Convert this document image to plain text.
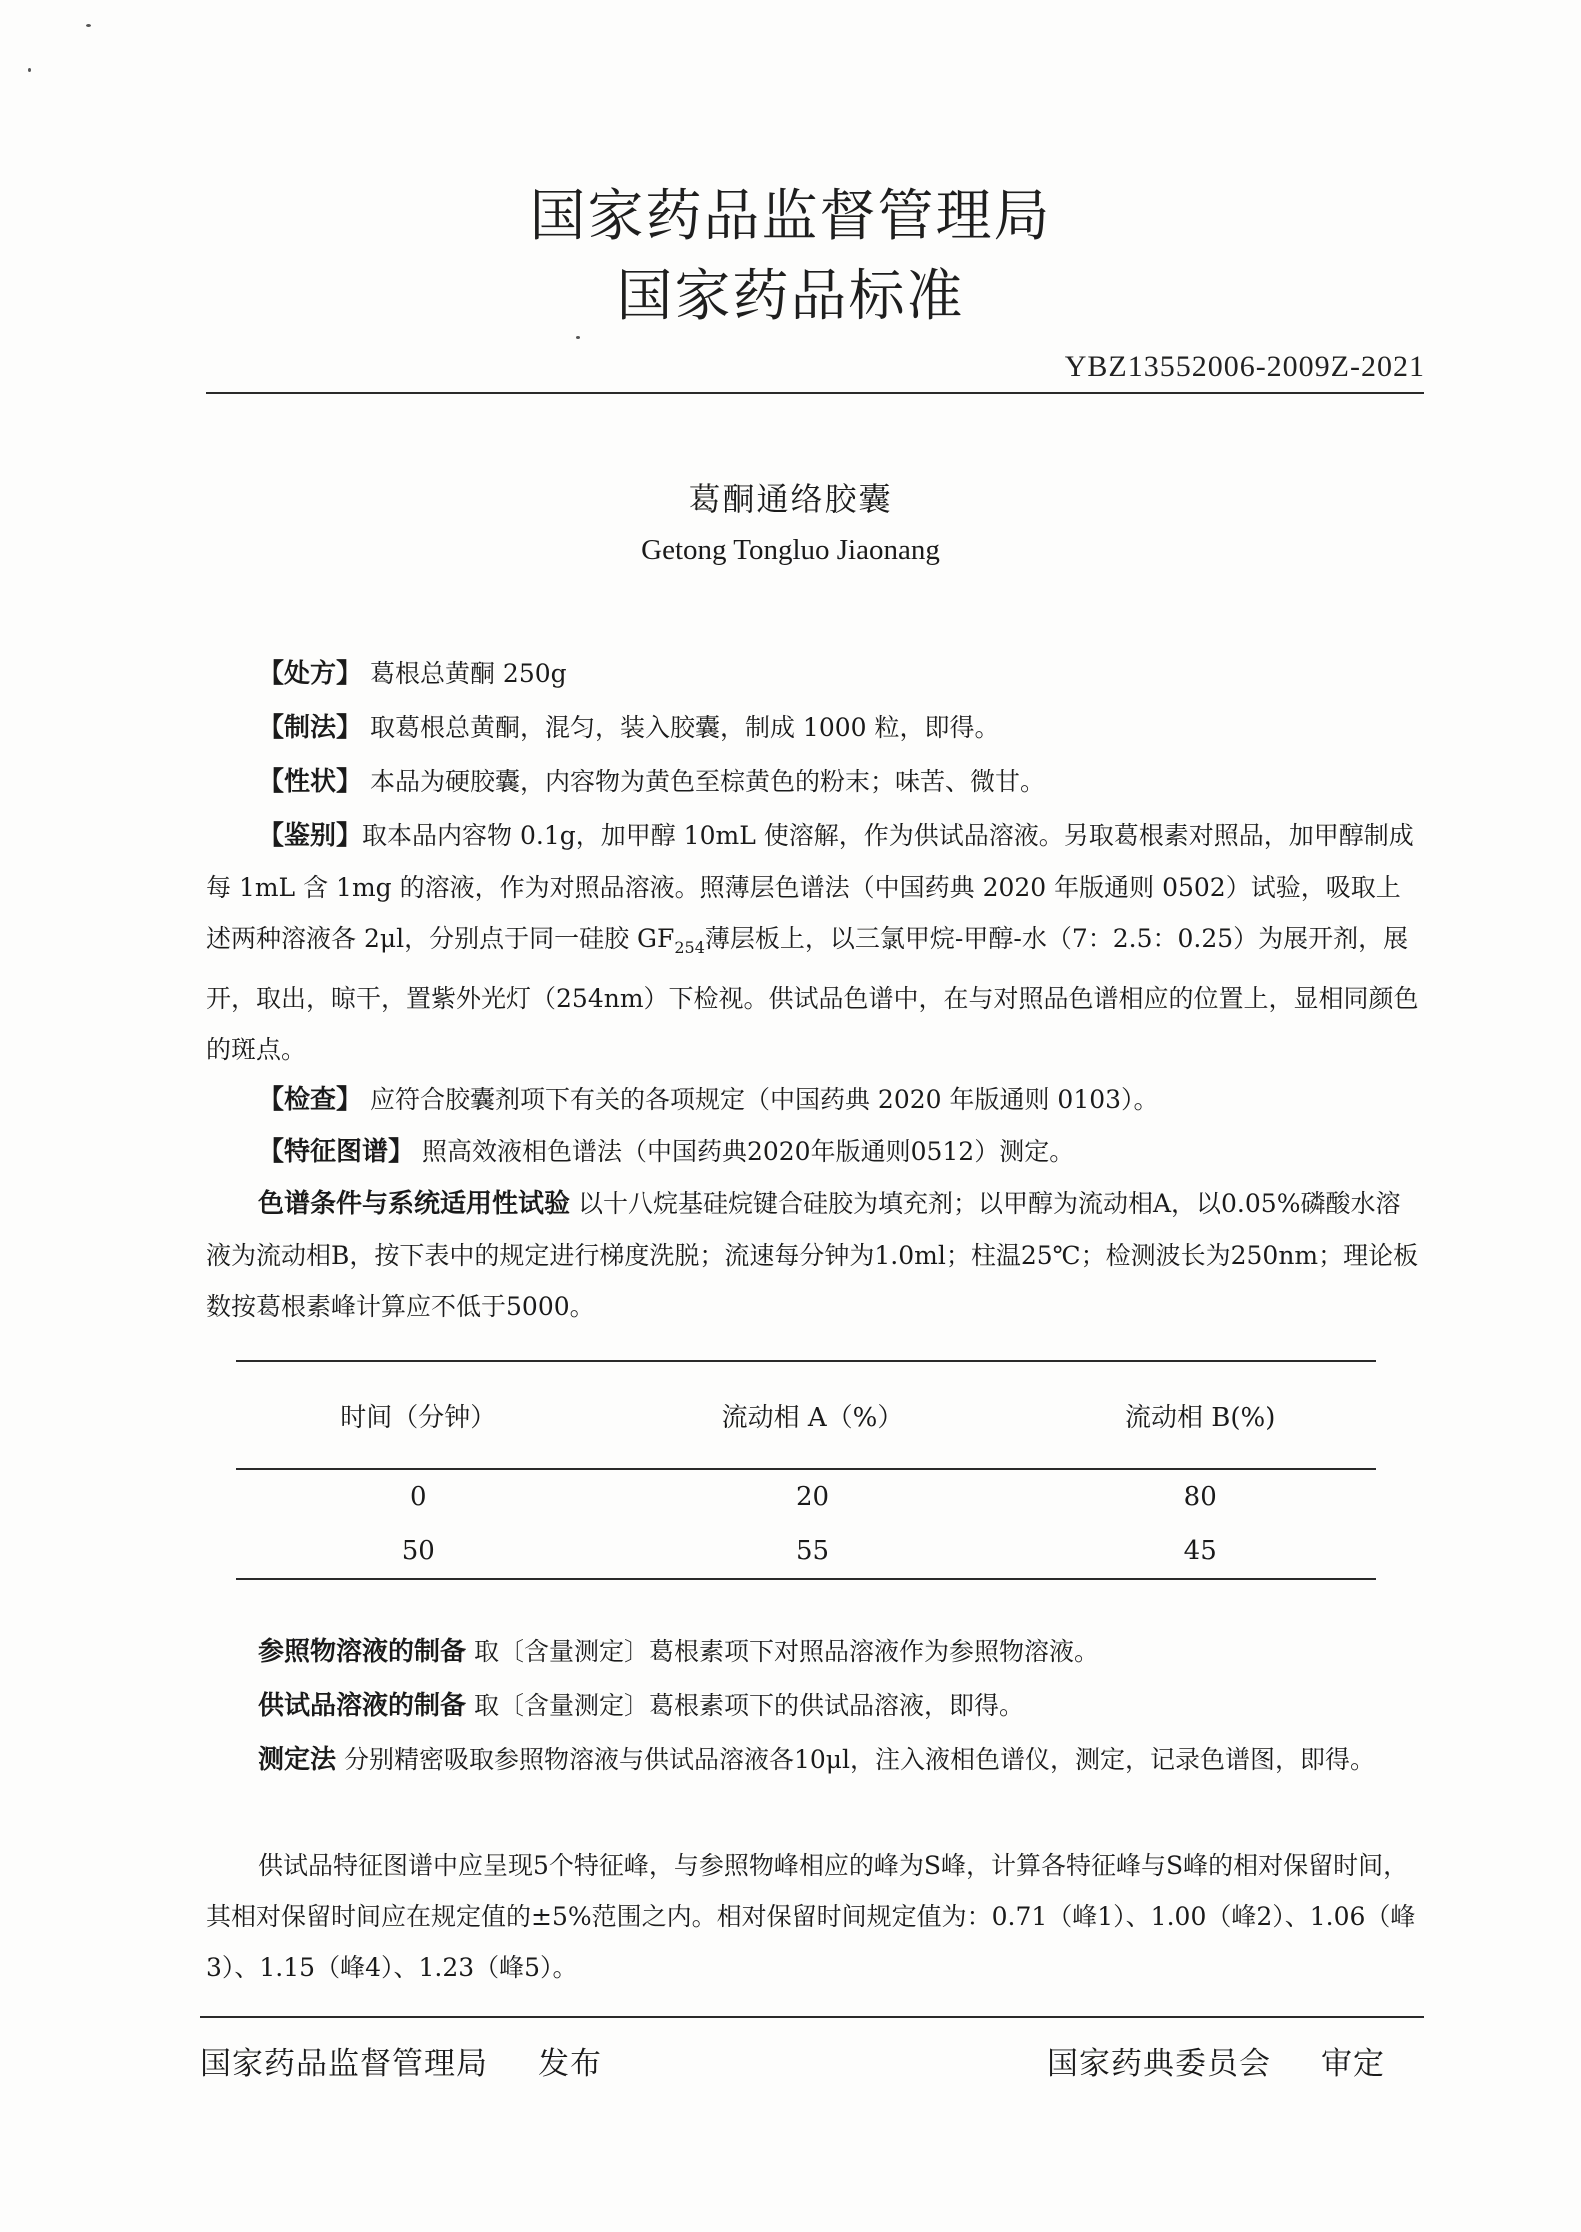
国家药品监督管理局
国家药品标准
YBZ13552006-2009Z-2021
葛酮通络胶囊
Getong Tongluo Jiaonang
【处方】 葛根总黄酮 250g
【制法】 取葛根总黄酮，混匀，装入胶囊，制成 1000 粒，即得。
【性状】 本品为硬胶囊，内容物为黄色至棕黄色的粉末；味苦、微甘。
【鉴别】取本品内容物 0.1g，加甲醇 10mL 使溶解，作为供试品溶液。另取葛根素对照品，加甲醇制成每 1mL 含 1mg 的溶液，作为对照品溶液。照薄层色谱法（中国药典 2020 年版通则 0502）试验，吸取上述两种溶液各 2μl，分别点于同一硅胶 $GF_{254}$薄层板上，以三氯甲烷-甲醇-水（7：2.5：0.25）为展开剂，展开，取出，晾干，置紫外光灯（254nm）下检视。供试品色谱中，在与对照品色谱相应的位置上，显相同颜色的斑点。
【检查】 应符合胶囊剂项下有关的各项规定（中国药典 2020 年版通则 0103）。
【特征图谱】 照高效液相色谱法（中国药典2020年版通则0512）测定。
色谱条件与系统适用性试验 以十八烷基硅烷键合硅胶为填充剂；以甲醇为流动相A，以0.05%磷酸水溶液为流动相B，按下表中的规定进行梯度洗脱；流速每分钟为1.0ml；柱温25℃；检测波长为250nm；理论板数按葛根素峰计算应不低于5000。
时间（分钟）	流动相 A（%）	流动相 B(%)
0	20	80
50	55	45
参照物溶液的制备 取〔含量测定〕葛根素项下对照品溶液作为参照物溶液。
供试品溶液的制备 取〔含量测定〕葛根素项下的供试品溶液，即得。
测定法 分别精密吸取参照物溶液与供试品溶液各10μl，注入液相色谱仪，测定，记录色谱图，即得。
供试品特征图谱中应呈现5个特征峰，与参照物峰相应的峰为S峰，计算各特征峰与S峰的相对保留时间，其相对保留时间应在规定值的±5%范围之内。相对保留时间规定值为：0.71（峰1）、1.00（峰2）、1.06（峰3）、1.15（峰4）、1.23（峰5）。
国家药品监督管理局 发布	国家药典委员会 审定
